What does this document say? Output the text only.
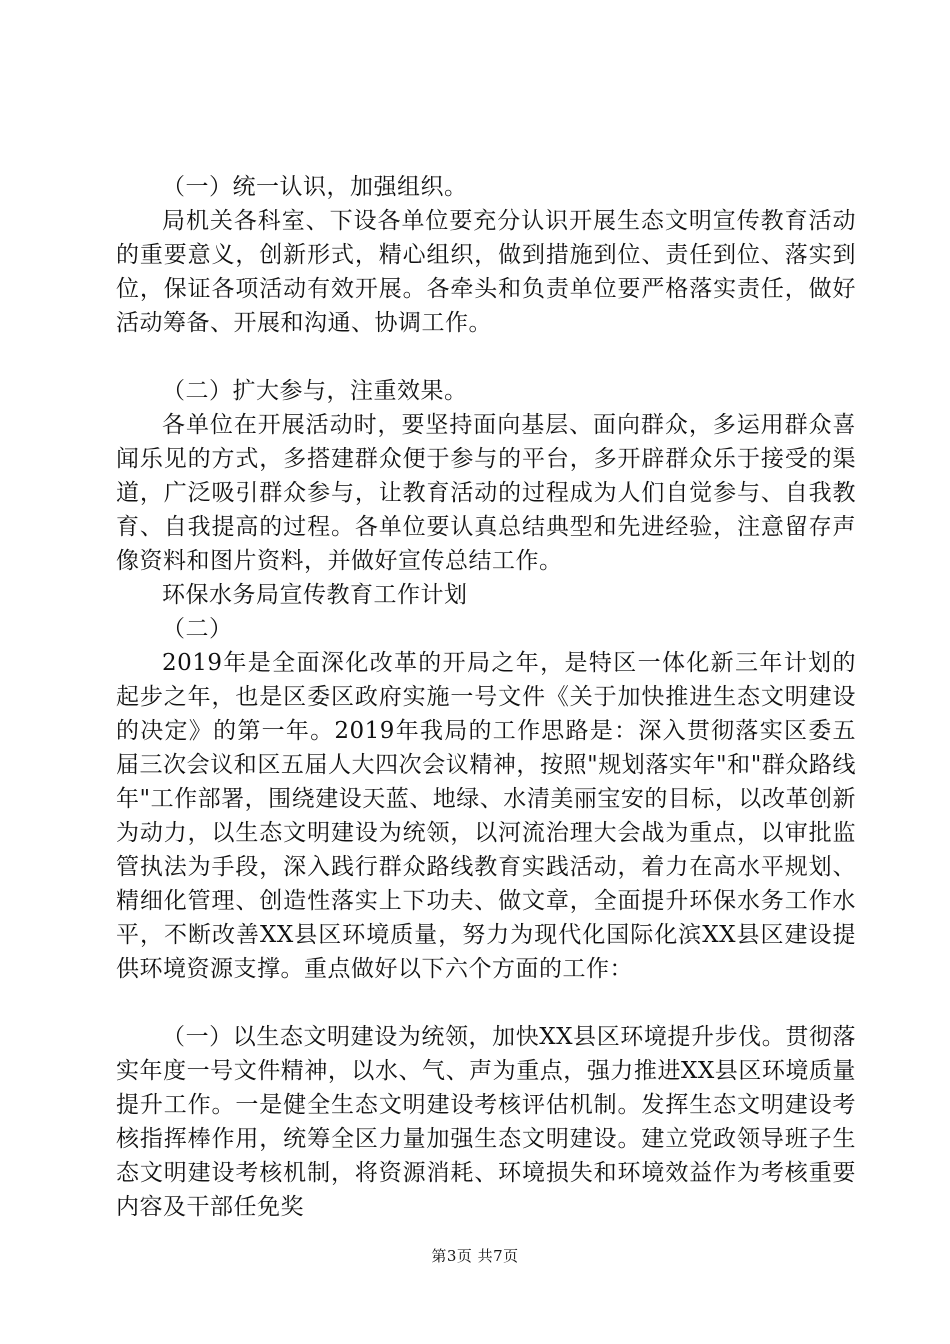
（一）统一认识，加强组织。

局机关各科室、下设各单位要充分认识开展生态文明宣传教育活动的重要意义，创新形式，精心组织，做到措施到位、责任到位、落实到位，保证各项活动有效开展。各牵头和负责单位要严格落实责任，做好活动筹备、开展和沟通、协调工作。

（二）扩大参与，注重效果。

各单位在开展活动时，要坚持面向基层、面向群众，多运用群众喜闻乐见的方式，多搭建群众便于参与的平台，多开辟群众乐于接受的渠道，广泛吸引群众参与，让教育活动的过程成为人们自觉参与、自我教育、自我提高的过程。各单位要认真总结典型和先进经验，注意留存声像资料和图片资料，并做好宣传总结工作。

环保水务局宣传教育工作计划

（二）

2019年是全面深化改革的开局之年，是特区一体化新三年计划的起步之年，也是区委区政府实施一号文件《关于加快推进生态文明建设的决定》的第一年。2019年我局的工作思路是：深入贯彻落实区委五届三次会议和区五届人大四次会议精神，按照"规划落实年"和"群众路线年"工作部署，围绕建设天蓝、地绿、水清美丽宝安的目标，以改革创新为动力，以生态文明建设为统领，以河流治理大会战为重点，以审批监管执法为手段，深入践行群众路线教育实践活动，着力在高水平规划、精细化管理、创造性落实上下功夫、做文章，全面提升环保水务工作水平，不断改善XX县区环境质量，努力为现代化国际化滨XX县区建设提供环境资源支撑。重点做好以下六个方面的工作：

（一）以生态文明建设为统领，加快XX县区环境提升步伐。贯彻落实年度一号文件精神，以水、气、声为重点，强力推进XX县区环境质量提升工作。一是健全生态文明建设考核评估机制。发挥生态文明建设考核指挥棒作用，统筹全区力量加强生态文明建设。建立党政领导班子生态文明建设考核机制，将资源消耗、环境损失和环境效益作为考核重要内容及干部任免奖

第3页 共7页
